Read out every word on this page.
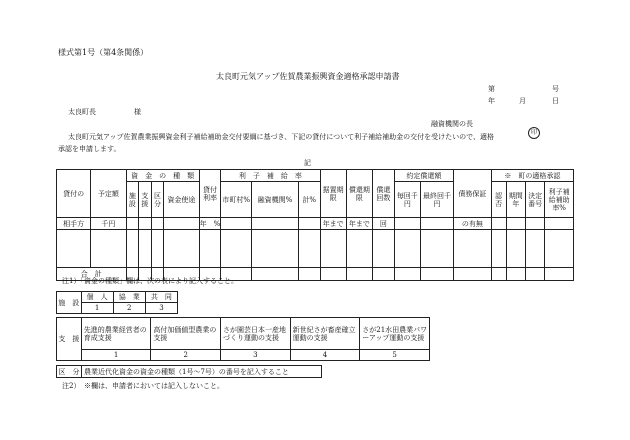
様式第1号（第4条関係）
太良町元気アップ佐賀農業振興資金適格承認申請書
第	号
年	月	日
太良町長	様
融資機関の長
印
太良町元気アップ佐賀農業振興資金利子補給補助金交付要綱に基づき、下記の貸付について利子補給補助金の交付を受けたいので、適格
承認を申請します。
記
貸付の	予定額	資　金　の　種　類				貸付利率	利　子　補　給　率			据置期限	償還期限	償還回数	約定償還額		債務保証	※　町の適格承認			
		施設	支援	区分	資金使途		市町村%	融資機関%	計%				毎回千円	最終回千円		認否	期間年	決定番号	利子補給補助率%
相手方	千円					年　%				年まで	年まで	回			の有無				

合　計																			
注1）「資金の種類」欄は、次の表により記入すること。
施　設	個　人	協　業	共　同
	1	2	3
支　援	先進的農業経営者の育成支援	高付加価値型農業の支援	さが園芸日本一産地づくり運動の支援	新世紀さが畜産確立運動の支援	さが21水田農業パワーアップ運動の支援
	1	2	3	4	5
区　分	農業近代化資金の資金の種類（1号〜7号）の番号を記入すること
注2）　※欄は、申請者においては記入しないこと。
